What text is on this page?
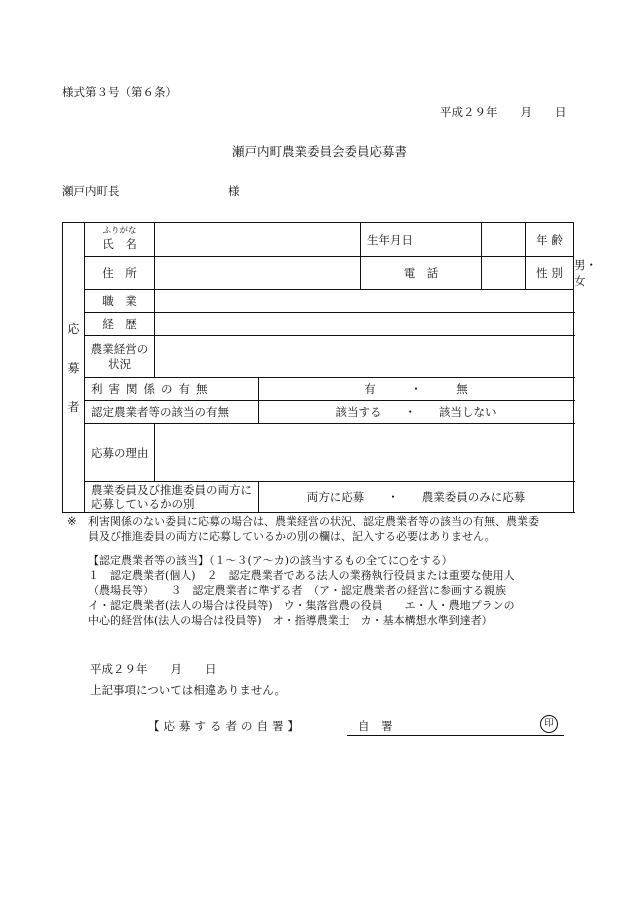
様式第３号（第６条）
平成２９年　　月　　日
瀬戸内町農業委員会委員応募書
瀬戸内町長	様
応
募
者	ふりがな
氏　名			生年月日		年 齢	
	住　所			電　話		性 別	男・女
	職　業						
	経　歴						
	農業経営の状況						
	利害関係の有無		有　　　・　　　無				
	認定農業者等の該当の有無		該当する　　・　　該当しない				
	応募の理由						
	農業委員及び推進委員の両方に応募しているかの別		両方に応募　　・　　農業委員のみに応募				
※ 利害関係のない委員に応募の場合は、農業経営の状況、認定農業者等の該当の有無、農業委
員及び推進委員の両方に応募しているかの別の欄は、記入する必要はありません。
【認定農業者等の該当】（１～３(ア～カ)の該当するもの全てに○をする）
１　認定農業者(個人)　２　認定農業者である法人の業務執行役員または重要な使用人
（農場長等）　　３　認定農業者に準ずる者　（ア・認定農業者の経営に参画する親族
イ・認定農業者(法人の場合は役員等)　ウ・集落営農の役員　　エ・人・農地プランの
中心的経営体(法人の場合は役員等)　オ・指導農業士　カ・基本構想水準到達者）
平成２９年　　月　　日
上記事項については相違ありません。
【応募する者の自署】	自　署	印
